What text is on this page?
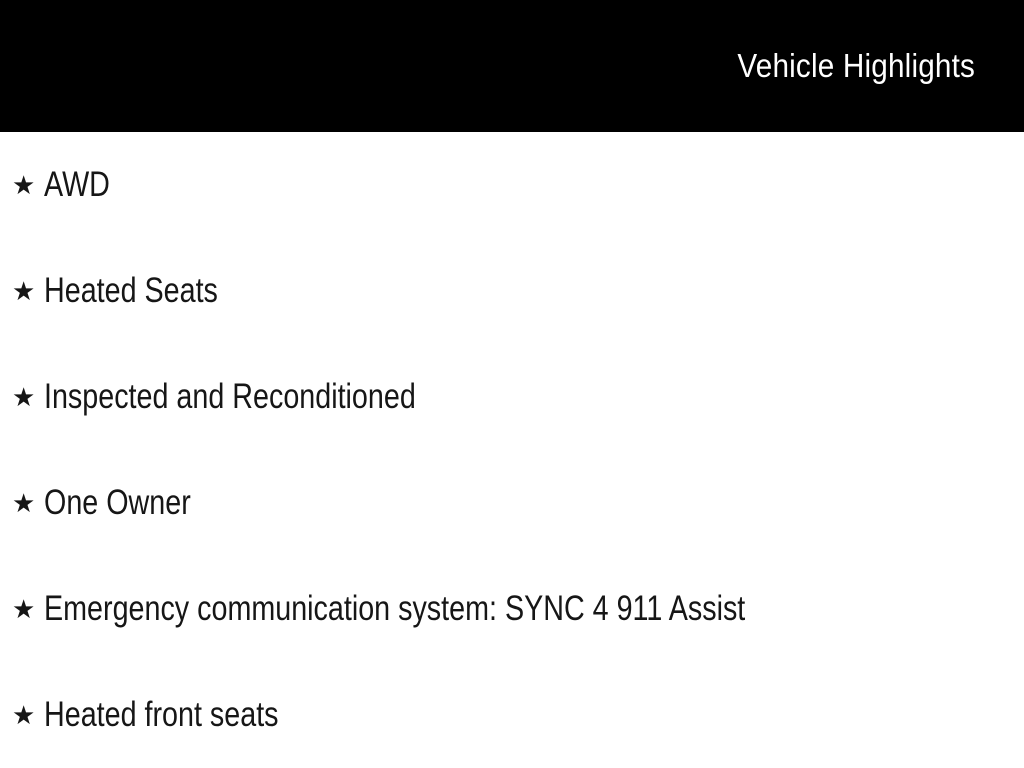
Vehicle Highlights
★ AWD
★ Heated Seats
★ Inspected and Reconditioned
★ One Owner
★ Emergency communication system: SYNC 4 911 Assist
★ Heated front seats
